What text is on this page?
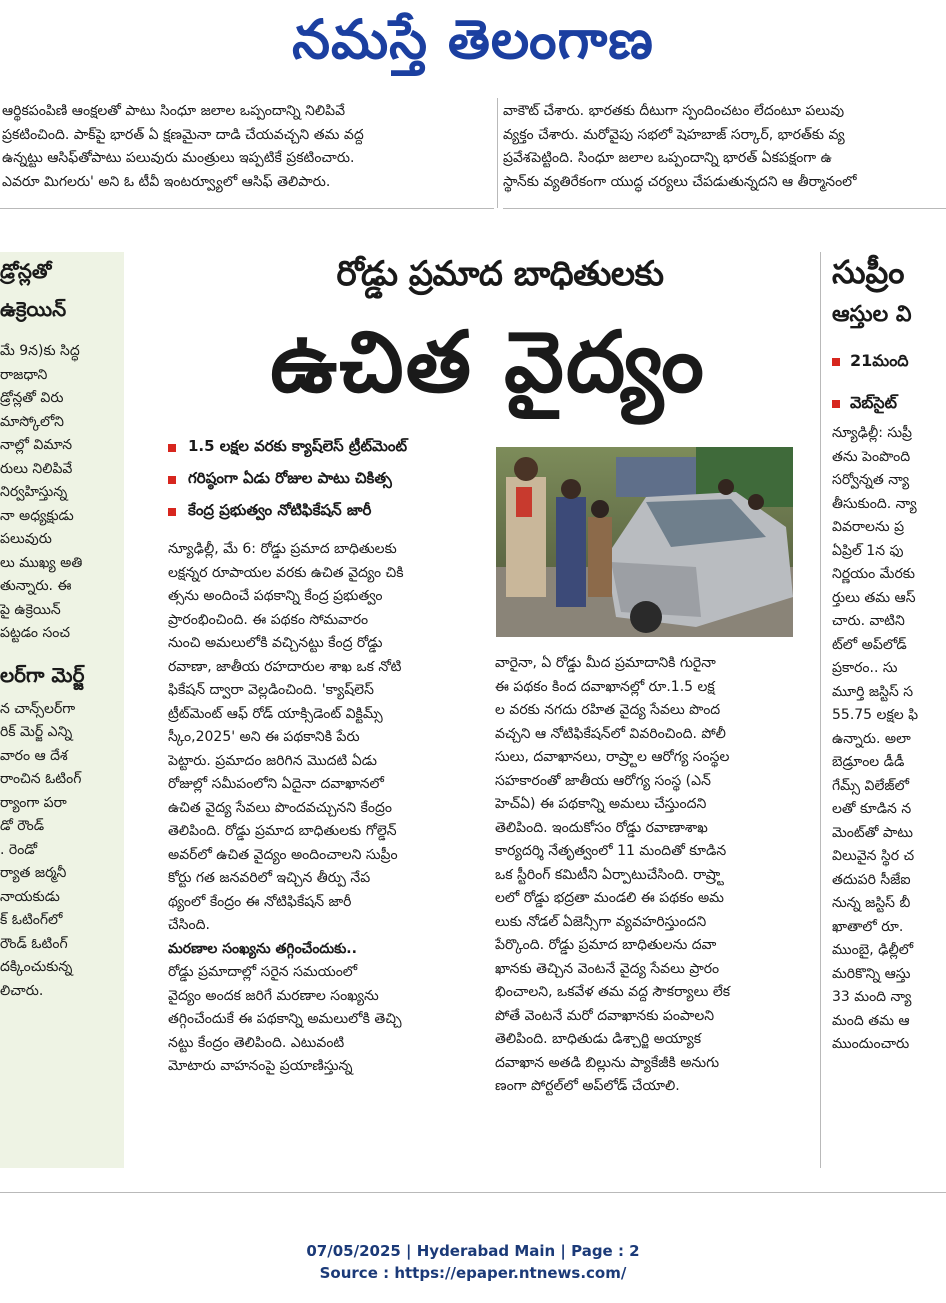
నమస్తే తెలంగాణ

ఆర్థికపంపిణి ఆంక్షలతో పాటు సింధూ జలాల ఒప్పందాన్ని నిలిపివే

ప్రకటించింది. పాక్‌పై భారత్ ఏ క్షణమైనా దాడి చేయవచ్చని తమ వద్ద

ఉన్నట్టు ఆసిఫ్‌తోపాటు పలువురు మంత్రులు ఇప్పటికే ప్రకటించారు.

ఎవరూ మిగలరు' అని ఓ టీవీ ఇంటర్వ్యూలో ఆసిఫ్ తెలిపారు.

వాకౌట్ చేశారు. భారతకు దీటుగా స్పందించటం లేదంటూ పలువు

వ్యక్తం చేశారు. మరోవైపు సభలో షెహబాజ్ సర్కార్, భారత్‌కు వ్య

ప్రవేశపెట్టింది. సింధూ జలాల ఒప్పందాన్ని భారత్ ఏకపక్షంగా ఉ

స్థాన్‌కు వ్యతిరేకంగా యుద్ధ చర్యలు చేపడుతున్నదని ఆ తీర్మానంలో

డ్రోన్లతో
ఉక్రెయిన్

మే 9న)కు సిద్ధ

రాజధాని

డ్రోన్లతో విరు

మాస్కోలోని

నాల్లో విమాన

రులు నిలిపివే

నిర్వహిస్తున్న

నా అధ్యక్షుడు

పలువురు

లు ముఖ్య అతి

తున్నారు. ఈ

పై ఉక్రెయిన్

పట్టడం సంచ

లర్‌గా మెర్జ్

న చాన్స్‌లర్‌గా

రిక్ మెర్జ్ ఎన్ని

వారం ఆ దేశ

రాంచిన ఓటింగ్

ర్యాంగా పరా

డో రౌండ్

. రెండో

ర్యాత జర్మనీ

నాయకుడు

క్ ఓటింగ్‌లో

రౌండ్ ఓటింగ్

దక్కించుకున్న

లిచారు.

రోడ్డు ప్రమాద బాధితులకు
ఉచిత వైద్యం
1.5 లక్షల వరకు క్యాష్‌లెస్ ట్రీట్‌మెంట్
గరిష్ఠంగా ఏడు రోజుల పాటు చికిత్స
కేంద్ర ప్రభుత్వం నోటిఫికేషన్ జారీ

న్యూఢిల్లీ, మే 6: రోడ్డు ప్రమాద బాధితులకు

లక్షన్నర రూపాయల వరకు ఉచిత వైద్యం చికి

త్సను అందించే పథకాన్ని కేంద్ర ప్రభుత్వం

ప్రారంభించింది. ఈ పథకం సోమవారం

నుంచి అమలులోకి వచ్చినట్టు కేంద్ర రోడ్డు

రవాణా, జాతీయ రహదారుల శాఖ ఒక నోటి

ఫికేషన్ ద్వారా వెల్లడించింది. 'క్యాష్‌లెస్

ట్రీట్‌మెంట్ ఆఫ్ రోడ్ యాక్సిడెంట్ విక్టిమ్స్

స్కీం,2025' అని ఈ పథకానికి పేరు

పెట్టారు. ప్రమాదం జరిగిన మొదటి ఏడు

రోజుల్లో సమీపంలోని ఏదైనా దవాఖానలో

ఉచిత వైద్య సేవలు పొందవచ్చునని కేంద్రం

తెలిపింది. రోడ్డు ప్రమాద బాధితులకు గోల్డెన్

అవర్‌లో ఉచిత వైద్యం అందించాలని సుప్రీం

కోర్టు గత జనవరిలో ఇచ్చిన తీర్పు నేప

థ్యంలో కేంద్రం ఈ నోటిఫికేషన్ జారీ

చేసింది.

మరణాల సంఖ్యను తగ్గించేందుకు..

రోడ్డు ప్రమాదాల్లో సరైన సమయంలో

వైద్యం అందక జరిగే మరణాల సంఖ్యను

తగ్గించేందుకే ఈ పథకాన్ని అమలులోకి తెచ్చి

నట్టు కేంద్రం తెలిపింది. ఎటువంటి

మోటారు వాహనంపై ప్రయాణిస్తున్న

వారైనా, ఏ రోడ్డు మీద ప్రమాదానికి గురైనా

ఈ పథకం కింద దవాఖానల్లో రూ.1.5 లక్ష

ల వరకు నగదు రహిత వైద్య సేవలు పొంద

వచ్చని ఆ నోటిఫికేషన్‌లో వివరించింది. పోలీ

సులు, దవాఖానలు, రాష్ర్టాల ఆరోగ్య సంస్థల

సహకారంతో జాతీయ ఆరోగ్య సంస్థ (ఎన్

హెచ్ఏ) ఈ పథకాన్ని అమలు చేస్తుందని

తెలిపింది. ఇందుకోసం రోడ్డు రవాణాశాఖ

కార్యదర్శి నేతృత్వంలో 11 మందితో కూడిన

ఒక స్టీరింగ్ కమిటీని ఏర్పాటుచేసింది. రాష్ర్టా

లలో రోడ్డు భద్రతా మండలి ఈ పథకం అమ

లుకు నోడల్ ఏజెన్సీగా వ్యవహరిస్తుందని

పేర్కొంది. రోడ్డు ప్రమాద బాధితులను దవా

ఖానకు తెచ్చిన వెంటనే వైద్య సేవలు ప్రారం

భించాలని, ఒకవేళ తమ వద్ద సౌకర్యాలు లేక

పోతే వెంటనే మరో దవాఖానకు పంపాలని

తెలిపింది. బాధితుడు డిశ్చార్జి అయ్యాక

దవాఖాన అతడి బిల్లును ప్యాకేజీకి అనుగు

ణంగా పోర్టల్‌లో అప్‌లోడ్ చేయాలి.

సుప్రీం
ఆస్తుల వి
21మంది
వెబ్‌సైట్‌

న్యూఢిల్లీ: సుప్రీ

తను పెంపొంది

సర్వోన్నత న్యా

తీసుకుంది. న్యా

వివరాలను ప్ర

ఏప్రిల్ 1న ఫు

నిర్ణయం మేరకు

ర్తులు తమ ఆస్

చారు. వాటిని

ట్‌లో అప్‌లోడ్

ప్రకారం.. సు

మూర్తి జస్టిస్ స

55.75 లక్షల ఫి

ఉన్నారు. అలా

బెడ్రూంల డీడీ

గేమ్స్ విలేజ్‌లో

లతో కూడిన న

మెంట్‌తో పాటు

విలువైన స్థిర చ

తదుపరి సీజేఐ

నున్న జస్టిస్ బీ

ఖాతాలో రూ.

ముంబై, ఢిల్లీలో

మరికొన్ని ఆస్తు

33 మంది న్యా

మంది తమ ఆ

ముందుంచారు

07/05/2025 | Hyderabad Main | Page : 2
Source : https://epaper.ntnews.com/
